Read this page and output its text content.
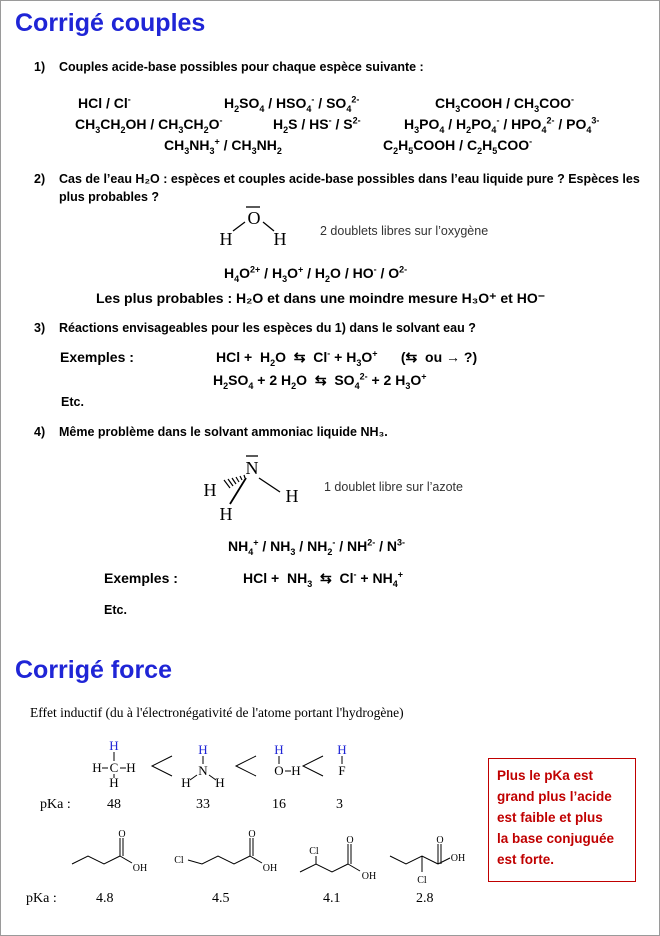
Corrigé couples
1) Couples acide-base possibles pour chaque espèce suivante :
HCl / Cl-	$H_2SO_4 / HSO_4^- / SO_4^{2-}$	$CH_3COOH / CH_3COO^-$
$CH_3CH_2OH / CH_3CH_2O^-$	$H_2S / HS^- / S^{2-}$	$H_3PO_4 / H_2PO_4^- / HPO_4^{2-} / PO_4^{3-}$
$CH_3NH_3^+ / CH_3NH_2$	$C_2H_5COOH / C_2H_5COO^-$
2) Cas de l’eau H₂O : espèces et couples acide-base possibles dans l’eau liquide pure ? Espèces les
plus probables ?
O
H H	2 doublets libres sur l’oxygène
$H_4O^{2+} / H_3O^+ / H_2O / HO^- / O^{2-}$
Les plus probables : H₂O et dans une moindre mesure H₃O⁺ et HO⁻
3) Réactions envisageables pour les espèces du 1) dans le solvant eau ?
Exemples :	HCl +  $H_2O$  ⇆  $Cl^- + H_3O^+$      (⇆  ou → ?)
$H_2SO_4 + 2$ $H_2O$  ⇆  $SO_4^{2-} + 2$ $H_3O^+$
Etc.
4) Même problème dans le solvant ammoniac liquide NH₃.
N
H	H
H
1 doublet libre sur l’azote
$NH_4^+ / NH_3 / NH_2^- / NH^{2-} / N^{3-}$
Exemples :	HCl +  $NH_3$  ⇆  $Cl^- + NH_4^+$
Etc.
Corrigé force
Effet inductif (du à l'électronégativité de l'atome portant l'hydrogène)
H
C
H H
H
H
N
H H
H
O H
H
F
pKa :	48	33	16	3
O
OH
Cl
O
OH
Cl
O
OH
O
OH
Cl
pKa :	4.8	4.5	4.1	2.8
Plus le pKa est
grand plus l’acide
est faible et plus
la base conjuguée
est forte.
